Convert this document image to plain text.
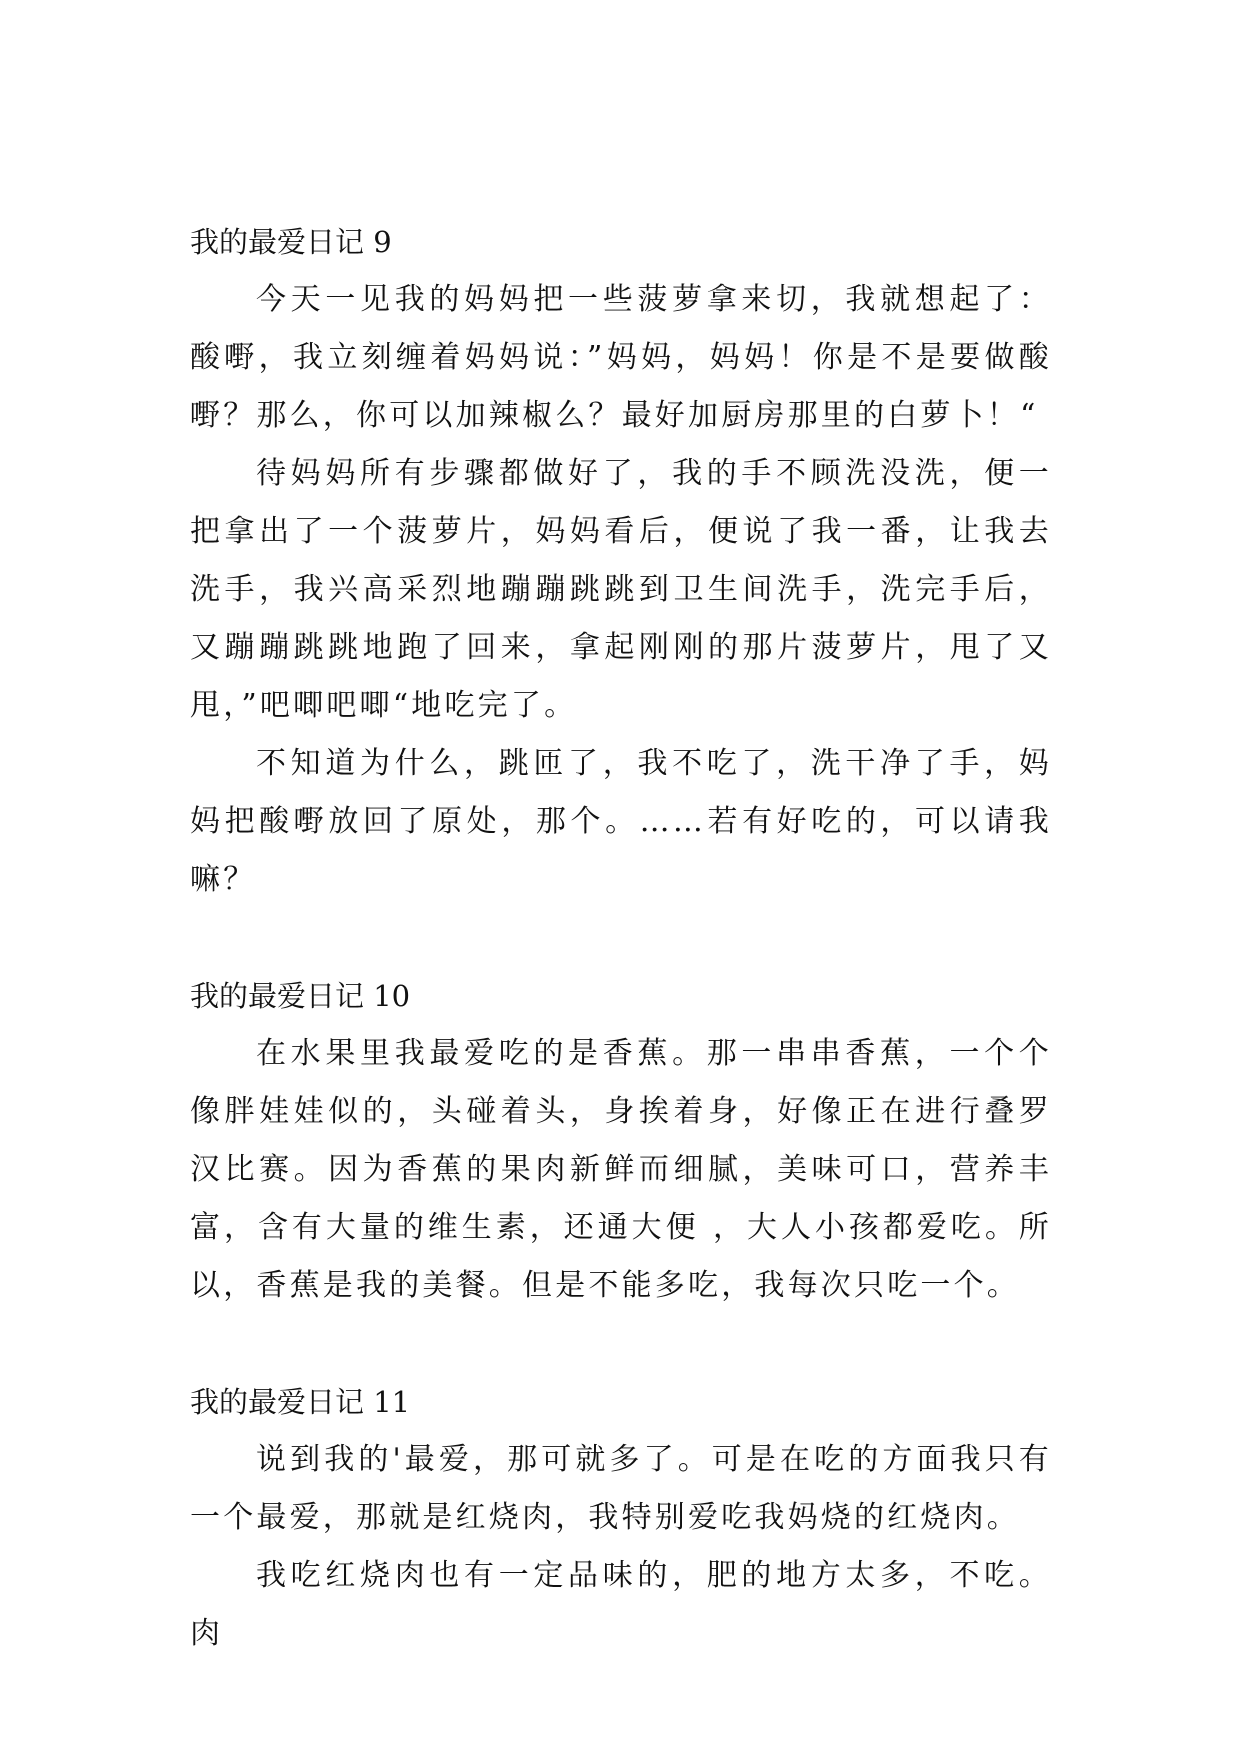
我的最爱日记 9

今天一见我的妈妈把一些菠萝拿来切，我就想起了：酸嘢，我立刻缠着妈妈说：”妈妈，妈妈！你是不是要做酸嘢？那么，你可以加辣椒么？最好加厨房那里的白萝卜！“

待妈妈所有步骤都做好了，我的手不顾洗没洗，便一把拿出了一个菠萝片，妈妈看后，便说了我一番，让我去洗手，我兴高采烈地蹦蹦跳跳到卫生间洗手，洗完手后，又蹦蹦跳跳地跑了回来，拿起刚刚的那片菠萝片，甩了又甩，”吧唧吧唧“地吃完了。

不知道为什么，跳匝了，我不吃了，洗干净了手，妈妈把酸嘢放回了原处，那个。……若有好吃的，可以请我嘛？

我的最爱日记 10

在水果里我最爱吃的是香蕉。那一串串香蕉，一个个像胖娃娃似的，头碰着头，身挨着身，好像正在进行叠罗汉比赛。因为香蕉的果肉新鲜而细腻，美味可口，营养丰富，含有大量的维生素，还通大便 ，大人小孩都爱吃。所以，香蕉是我的美餐。但是不能多吃，我每次只吃一个。

我的最爱日记 11

说到我的'最爱，那可就多了。可是在吃的方面我只有一个最爱，那就是红烧肉，我特别爱吃我妈烧的红烧肉。

我吃红烧肉也有一定品味的，肥的地方太多，不吃。肉
